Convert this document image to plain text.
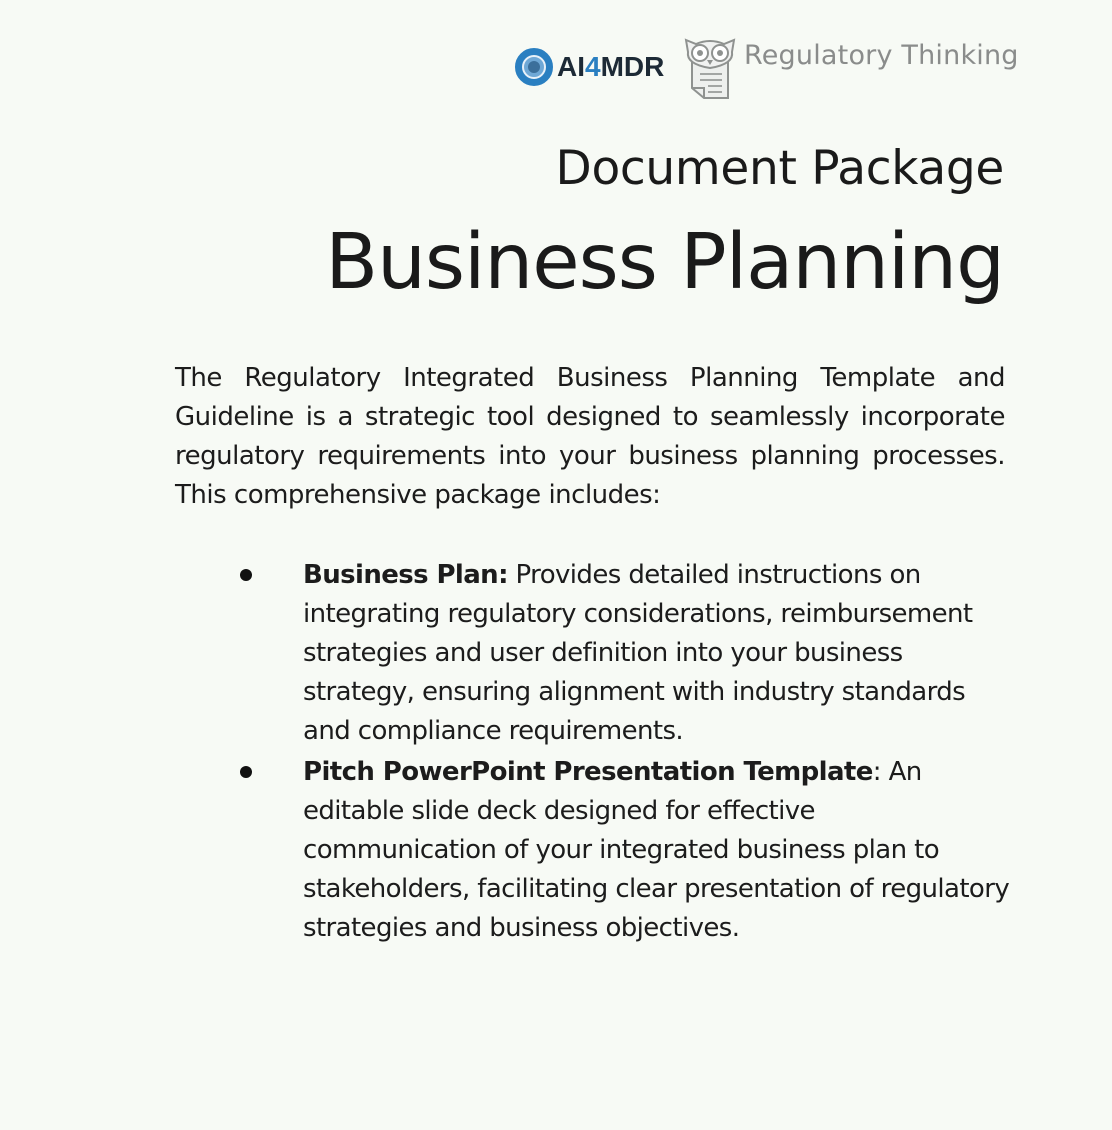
AI4MDR	Regulatory Thinking
Document Package
Business Planning

The Regulatory Integrated Business Planning Template and Guideline is a strategic tool designed to seamlessly incorporate regulatory requirements into your business planning processes. This comprehensive package includes:

Business Plan: Provides detailed instructions on integrating regulatory considerations, reimbursement strategies and user definition into your business strategy, ensuring alignment with industry standards and compliance requirements.
Pitch PowerPoint Presentation Template: An editable slide deck designed for effective communication of your integrated business plan to stakeholders, facilitating clear presentation of regulatory strategies and business objectives.
